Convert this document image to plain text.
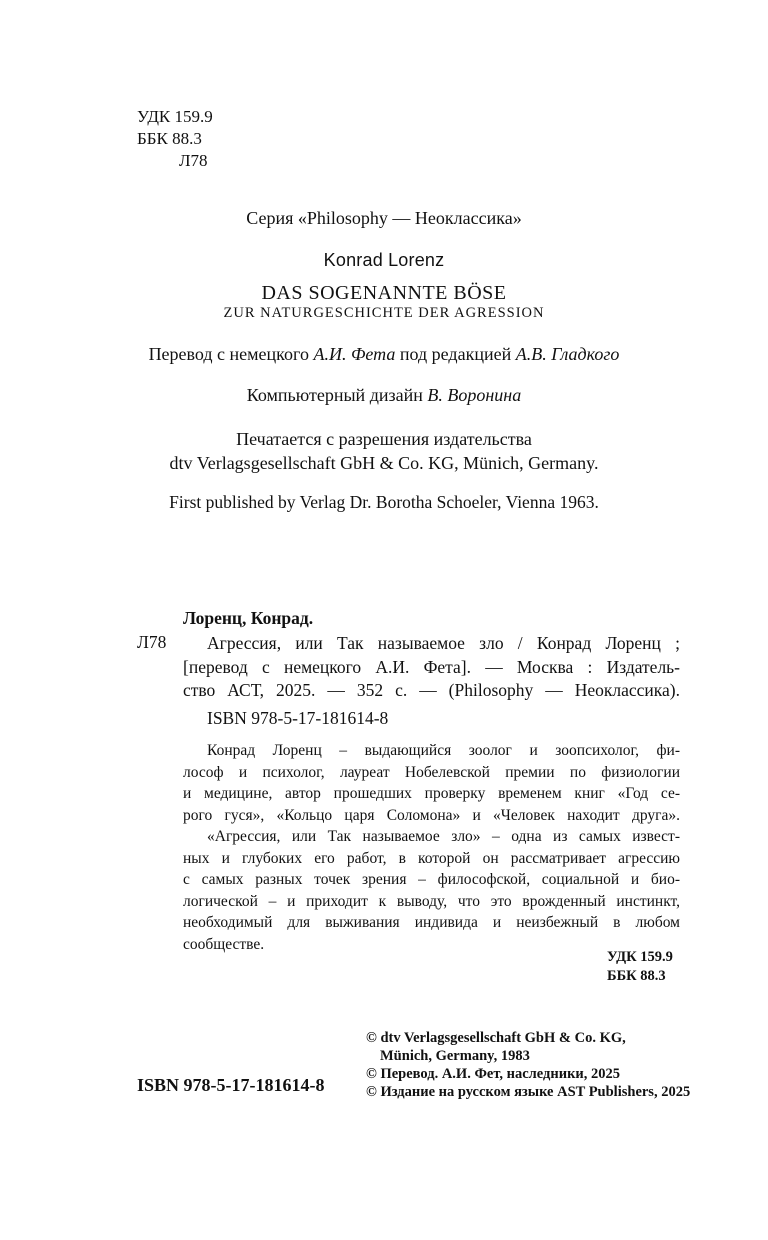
УДК 159.9
ББК 88.3
Л78
Серия «Philosophy — Неоклассика»
Konrad Lorenz
DAS SOGENANNTE BÖSE
ZUR NATURGESCHICHTE DER AGRESSION
Перевод с немецкого А.И. Фета под редакцией А.В. Гладкого
Компьютерный дизайн В. Воронина
Печатается с разрешения издательства
dtv Verlagsgesellschaft GbH & Co. KG, Münich, Germany.
First published by Verlag Dr. Borotha Schoeler, Vienna 1963.
Лоренц, Конрад.
Л78	Агрессия, или Так называемое зло / Конрад Лоренц ;
[перевод с немецкого А.И. Фета]. — Москва : Издатель-
ство АСТ, 2025. — 352 с. — (Philosophy — Неоклассика).
ISBN 978-5-17-181614-8
Конрад Лоренц – выдающийся зоолог и зоопсихолог, фи-
лософ и психолог, лауреат Нобелевской премии по физиологии
и медицине, автор прошедших проверку временем книг «Год се-
рого гуся», «Кольцо царя Соломона» и «Человек находит друга».
«Агрессия, или Так называемое зло» – одна из самых извест-
ных и глубоких его работ, в которой он рассматривает агрессию
с самых разных точек зрения – философской, социальной и био-
логической – и приходит к выводу, что это врожденный инстинкт,
необходимый для выживания индивида и неизбежный в любом
сообществе.
УДК 159.9
ББК 88.3
© dtv Verlagsgesellschaft GbH & Co. KG,
Münich, Germany, 1983
© Перевод. А.И. Фет, наследники, 2025
© Издание на русском языке AST Publishers, 2025
ISBN 978-5-17-181614-8
